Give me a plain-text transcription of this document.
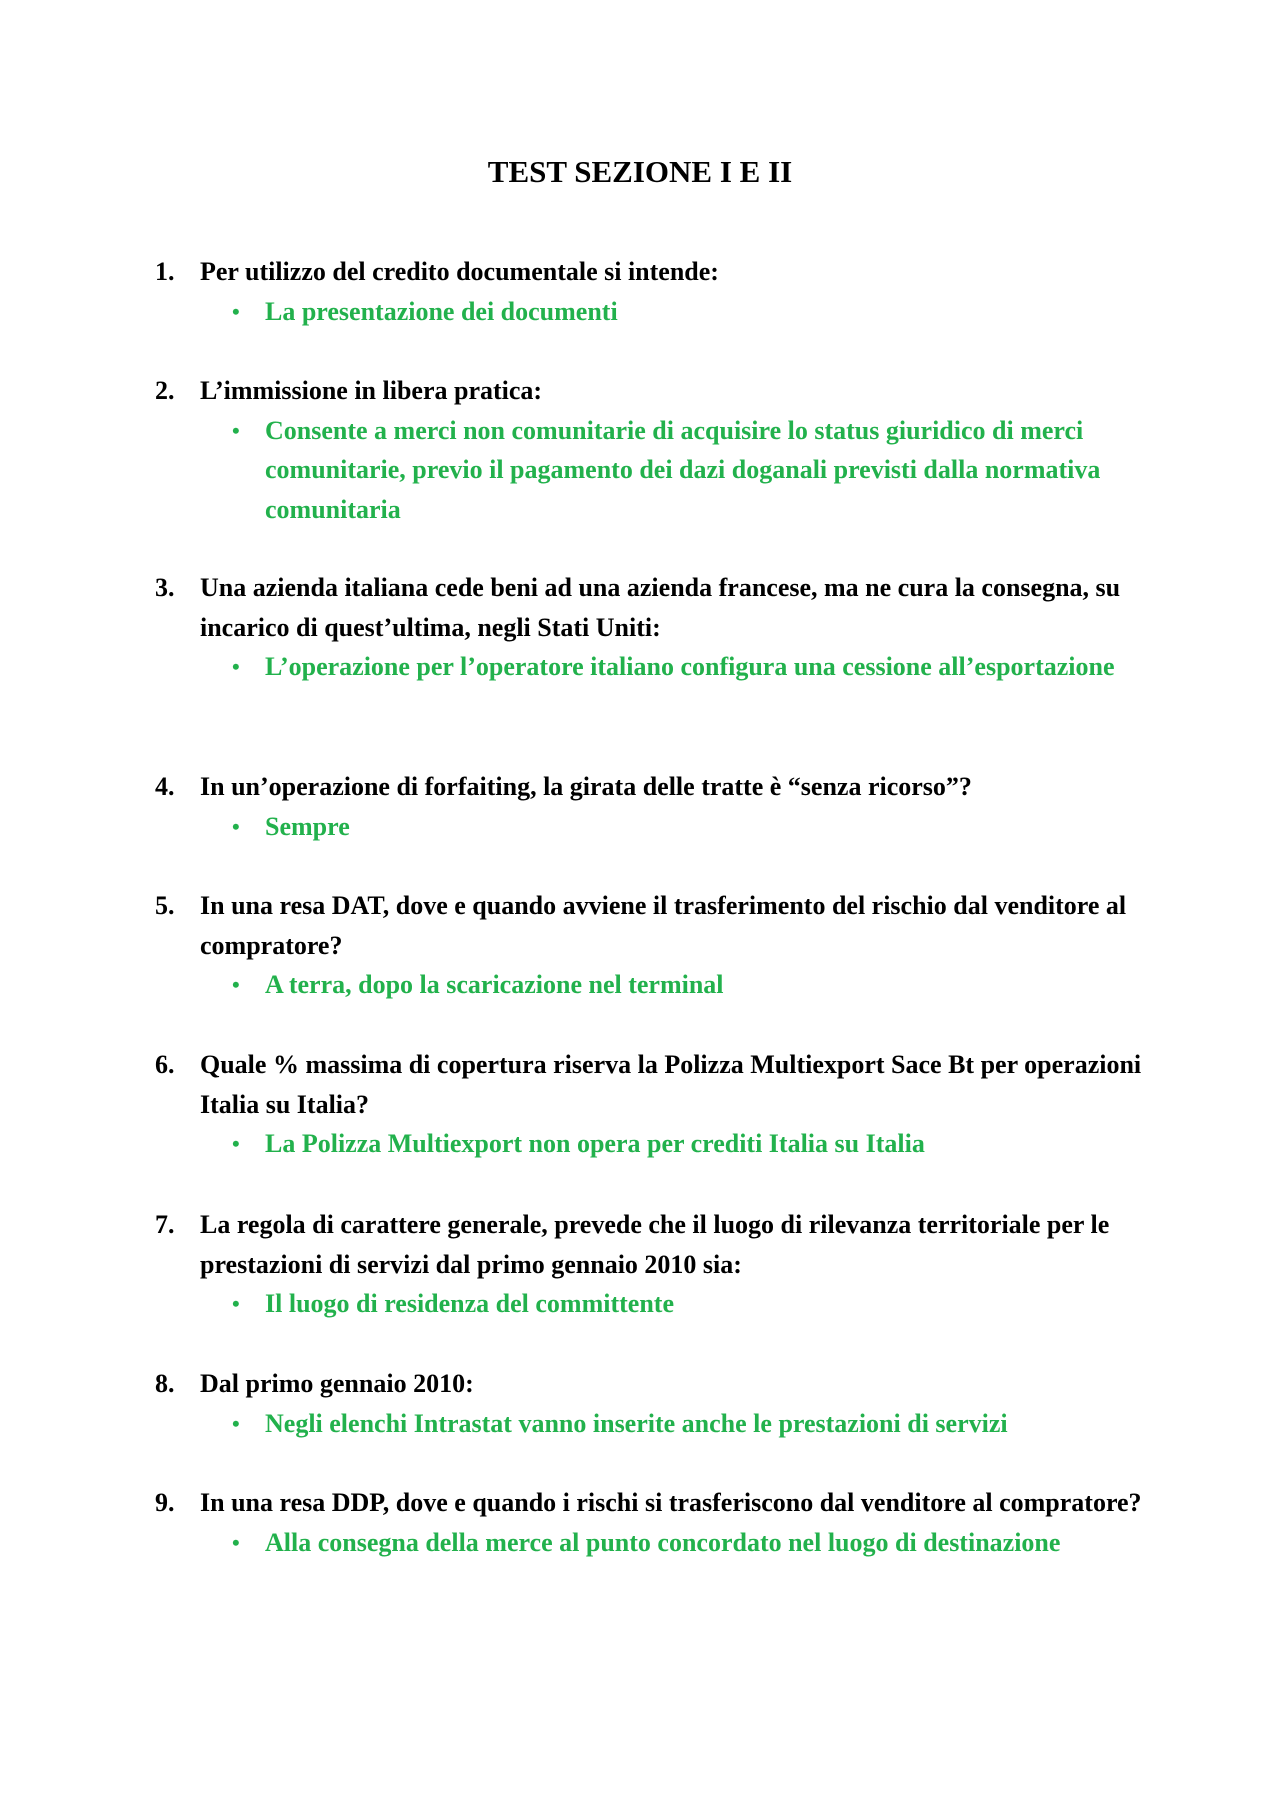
TEST SEZIONE I E II
1. Per utilizzo del credito documentale si intende:
• La presentazione dei documenti
2. L’immissione in libera pratica:
• Consente a merci non comunitarie di acquisire lo status giuridico di merci comunitarie, previo il pagamento dei dazi doganali previsti dalla normativa comunitaria
3. Una azienda italiana cede beni ad una azienda francese, ma ne cura la consegna, su incarico di quest’ultima, negli Stati Uniti:
• L’operazione per l’operatore italiano configura una cessione all’esportazione
4. In un’operazione di forfaiting, la girata delle tratte è “senza ricorso”?
• Sempre
5. In una resa DAT, dove e quando avviene il trasferimento del rischio dal venditore al compratore?
• A terra, dopo la scaricazione nel terminal
6. Quale % massima di copertura riserva la Polizza Multiexport Sace Bt per operazioni Italia su Italia?
• La Polizza Multiexport non opera per crediti Italia su Italia
7. La regola di carattere generale, prevede che il luogo di rilevanza territoriale per le prestazioni di servizi dal primo gennaio 2010 sia:
• Il luogo di residenza del committente
8. Dal primo gennaio 2010:
• Negli elenchi Intrastat vanno inserite anche le prestazioni di servizi
9. In una resa DDP, dove e quando i rischi si trasferiscono dal venditore al compratore?
• Alla consegna della merce al punto concordato nel luogo di destinazione
